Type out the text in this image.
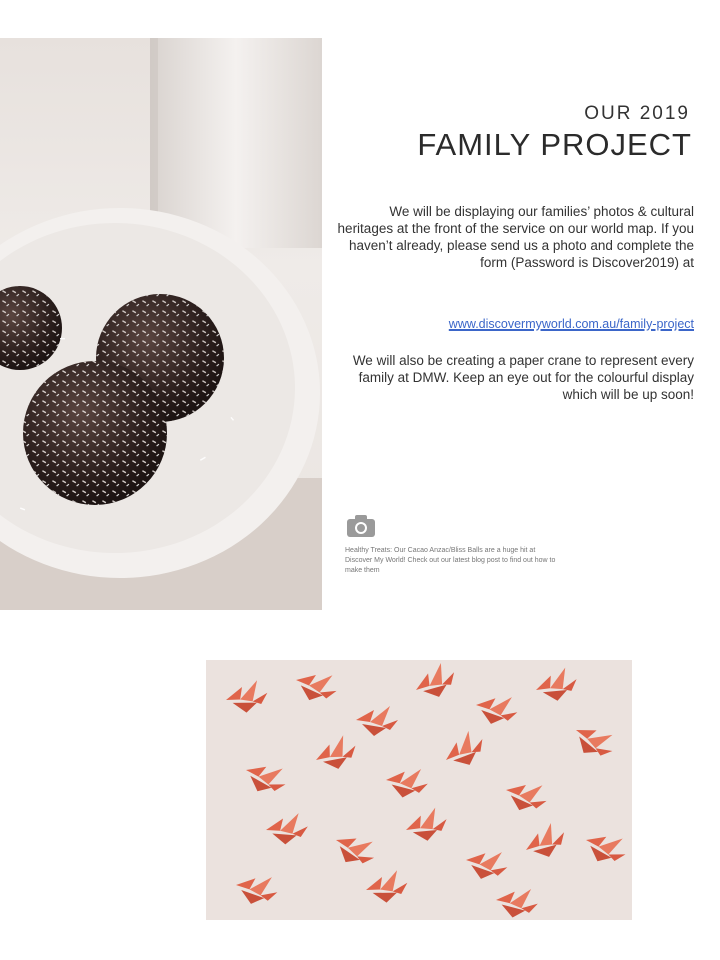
OUR 2019
FAMILY PROJECT
We will be displaying our families’ photos & cultural heritages at the front of the service on our world map. If you haven’t already, please send us a photo and complete the form (Password is Discover2019) at
www.discovermyworld.com.au/family-project
We will also be creating a paper crane to represent every family at DMW. Keep an eye out for the colourful display which will be up soon!
Healthy Treats: Our Cacao Anzac/Bliss Balls are a huge hit at Discover My World! Check out our latest blog post to find out how to make them
